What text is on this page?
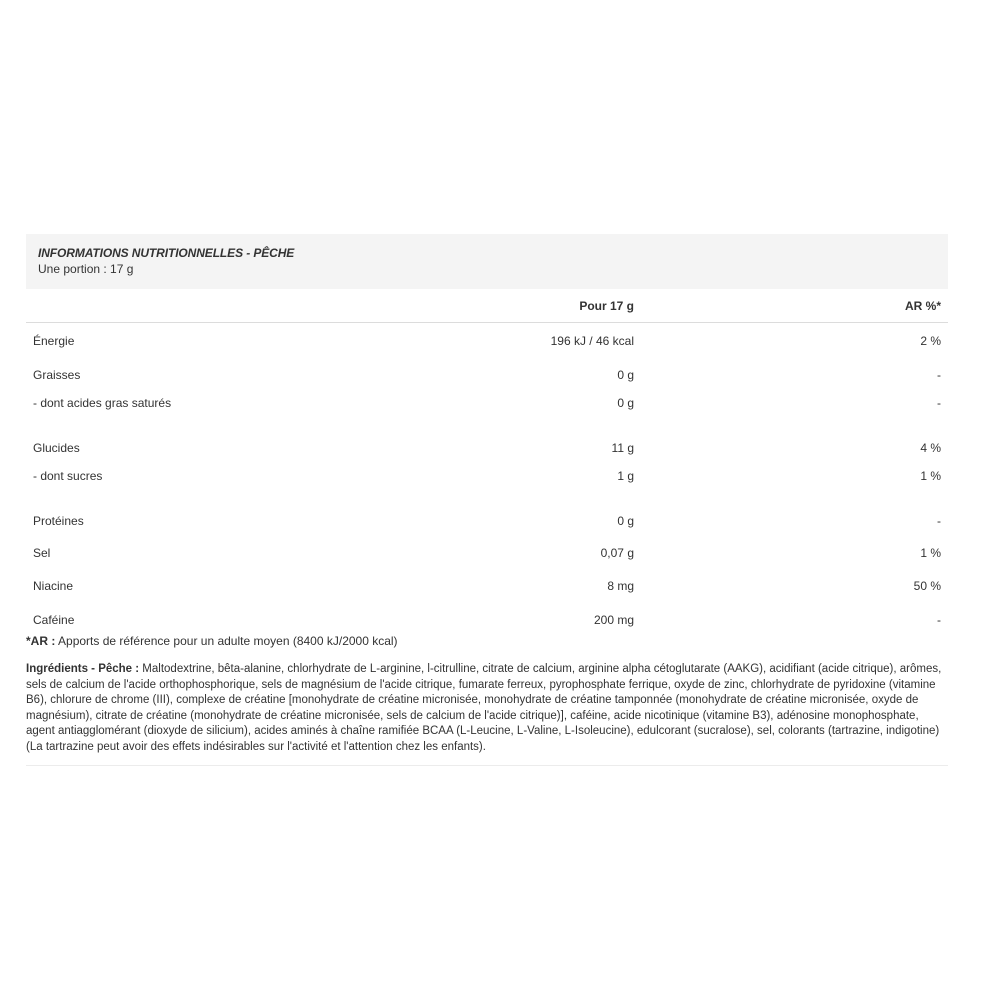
INFORMATIONS NUTRITIONNELLES - PÊCHE
Une portion : 17 g
Pour 17 g	AR %*
Énergie	196 kJ / 46 kcal	2 %
Graisses	0 g	-
- dont acides gras saturés	0 g	-
Glucides	11 g	4 %
- dont sucres	1 g	1 %
Protéines	0 g	-
Sel	0,07 g	1 %
Niacine	8 mg	50 %
Caféine	200 mg	-
*AR : Apports de référence pour un adulte moyen (8400 kJ/2000 kcal)
Ingrédients - Pêche : Maltodextrine, bêta-alanine, chlorhydrate de L-arginine, l-citrulline, citrate de calcium, arginine alpha cétoglutarate (AAKG), acidifiant (acide citrique), arômes, sels de calcium de l'acide orthophosphorique, sels de magnésium de l'acide citrique, fumarate ferreux, pyrophosphate ferrique, oxyde de zinc, chlorhydrate de pyridoxine (vitamine B6), chlorure de chrome (III), complexe de créatine [monohydrate de créatine micronisée, monohydrate de créatine tamponnée (monohydrate de créatine micronisée, oxyde de magnésium), citrate de créatine (monohydrate de créatine micronisée, sels de calcium de l'acide citrique)], caféine, acide nicotinique (vitamine B3), adénosine monophosphate, agent antiagglomérant (dioxyde de silicium), acides aminés à chaîne ramifiée BCAA (L-Leucine, L-Valine, L-Isoleucine), edulcorant (sucralose), sel, colorants (tartrazine, indigotine)(La tartrazine peut avoir des effets indésirables sur l'activité et l'attention chez les enfants).
